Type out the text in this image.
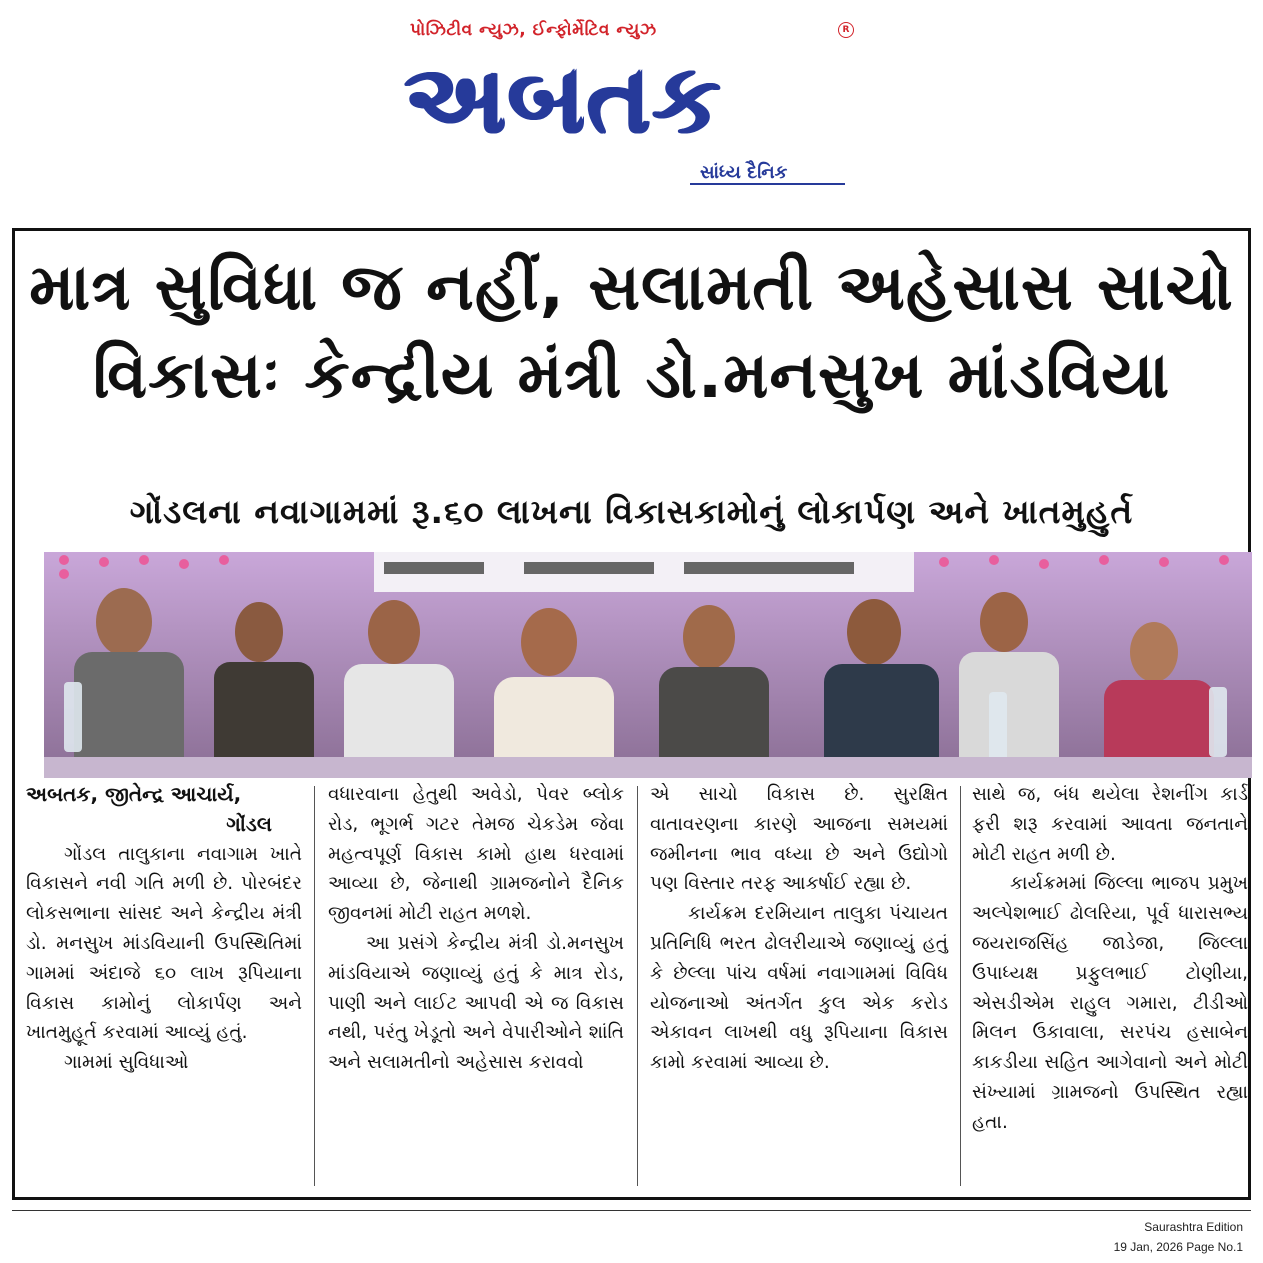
પોઝિટીવ ન્યુઝ, ઈન્ફોર્મેટિવ ન્યુઝ	R
અબતક
સાંધ્ય દૈનિક
માત્ર સુવિધા જ નહીં, સલામતી અહેસાસ સાચો
વિકાસઃ કેન્દ્રીય મંત્રી ડો.મનસુખ માંડવિયા
ગોંડલના નવાગામમાં રૂ.૬૦ લાખના વિકાસકામોનું લોકાર્પણ અને ખાતમુહુર્ત

અબતક, જીતેન્દ્ર આચાર્ય,

ગોંડલ

ગોંડલ તાલુકાના નવાગામ ખાતે વિકાસને નવી ગતિ મળી છે. પોરબંદર લોકસભાના સાંસદ અને કેન્દ્રીય મંત્રી ડો. મનસુખ માંડવિયાની ઉપસ્થિતિમાં ગામમાં અંદાજે ૬૦ લાખ રૂપિયાના વિકાસ કામોનું લોકાર્પણ અને ખાતમુહૂર્ત કરવામાં આવ્યું હતું.

ગામમાં સુવિધાઓ

વધારવાના હેતુથી અવેડો, પેવર બ્લોક રોડ, ભૂગર્ભ ગટર તેમજ ચેકડેમ જેવા મહત્વપૂર્ણ વિકાસ કામો હાથ ધરવામાં આવ્યા છે, જેનાથી ગ્રામજનોને દૈનિક જીવનમાં મોટી રાહત મળશે.

આ પ્રસંગે કેન્દ્રીય મંત્રી ડો.મનસુખ માંડવિયાએ જણાવ્યું હતું કે માત્ર રોડ, પાણી અને લાઈટ આપવી એ જ વિકાસ નથી, પરંતુ ખેડૂતો અને વેપારીઓને શાંતિ અને સલામતીનો અહેસાસ કરાવવો

એ સાચો વિકાસ છે. સુરક્ષિત વાતાવરણના કારણે આજના સમયમાં જમીનના ભાવ વધ્યા છે અને ઉદ્યોગો પણ વિસ્તાર તરફ આકર્ષાઈ રહ્યા છે.

કાર્યક્રમ દરમિયાન તાલુકા પંચાયત પ્રતિનિધિ ભરત ઢોલરીયાએ જણાવ્યું હતું કે છેલ્લા પાંચ વર્ષમાં નવાગામમાં વિવિધ યોજનાઓ અંતર્ગત કુલ એક કરોડ એકાવન લાખથી વધુ રૂપિયાના વિકાસ કામો કરવામાં આવ્યા છે.

સાથે જ, બંધ થયેલા રેશનીંગ કાર્ડ ફરી શરૂ કરવામાં આવતા જનતાને મોટી રાહત મળી છે.

કાર્યક્રમમાં જિલ્લા ભાજપ પ્રમુખ અલ્પેશભાઈ ઢોલરિયા, પૂર્વ ધારાસભ્ય જયરાજસિંહ જાડેજા, જિલ્લા ઉપાધ્યક્ષ પ્રફુલભાઈ ટોણીયા, એસડીએમ રાહુલ ગમારા, ટીડીઓ મિલન ઉકાવાલા, સરપંચ હસાબેન કાકડીયા સહિત આગેવાનો અને મોટી સંખ્યામાં ગ્રામજનો ઉપસ્થિત રહ્યા હતા.

Saurashtra Edition
19 Jan, 2026 Page No.1
